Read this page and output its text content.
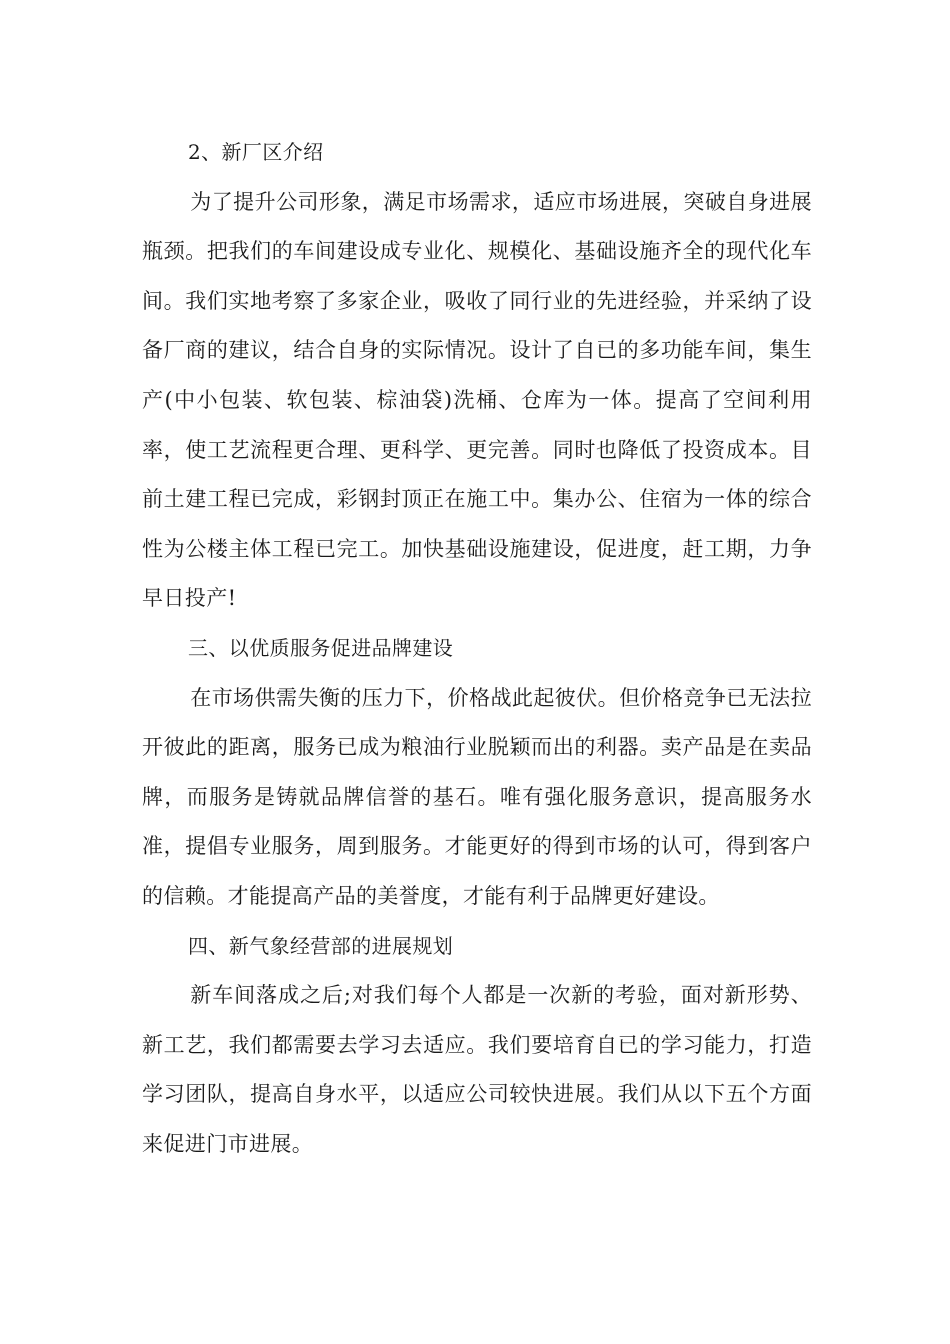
2、新厂区介绍

为了提升公司形象，满足市场需求，适应市场进展，突破自身进展瓶颈。把我们的车间建设成专业化、规模化、基础设施齐全的现代化车间。我们实地考察了多家企业，吸收了同行业的先进经验，并采纳了设备厂商的建议，结合自身的实际情况。设计了自已的多功能车间，集生产(中小包装、软包装、棕油袋)洗桶、仓库为一体。提高了空间利用率，使工艺流程更合理、更科学、更完善。同时也降低了投资成本。目前土建工程已完成，彩钢封顶正在施工中。集办公、住宿为一体的综合性为公楼主体工程已完工。加快基础设施建设，促进度，赶工期，力争早日投产!

三、以优质服务促进品牌建设

在市场供需失衡的压力下，价格战此起彼伏。但价格竞争已无法拉开彼此的距离，服务已成为粮油行业脱颖而出的利器。卖产品是在卖品牌，而服务是铸就品牌信誉的基石。唯有强化服务意识，提高服务水准，提倡专业服务，周到服务。才能更好的得到市场的认可，得到客户的信赖。才能提高产品的美誉度，才能有利于品牌更好建设。

四、新气象经营部的进展规划

新车间落成之后;对我们每个人都是一次新的考验，面对新形势、新工艺，我们都需要去学习去适应。我们要培育自已的学习能力，打造学习团队，提高自身水平，以适应公司较快进展。我们从以下五个方面来促进门市进展。
